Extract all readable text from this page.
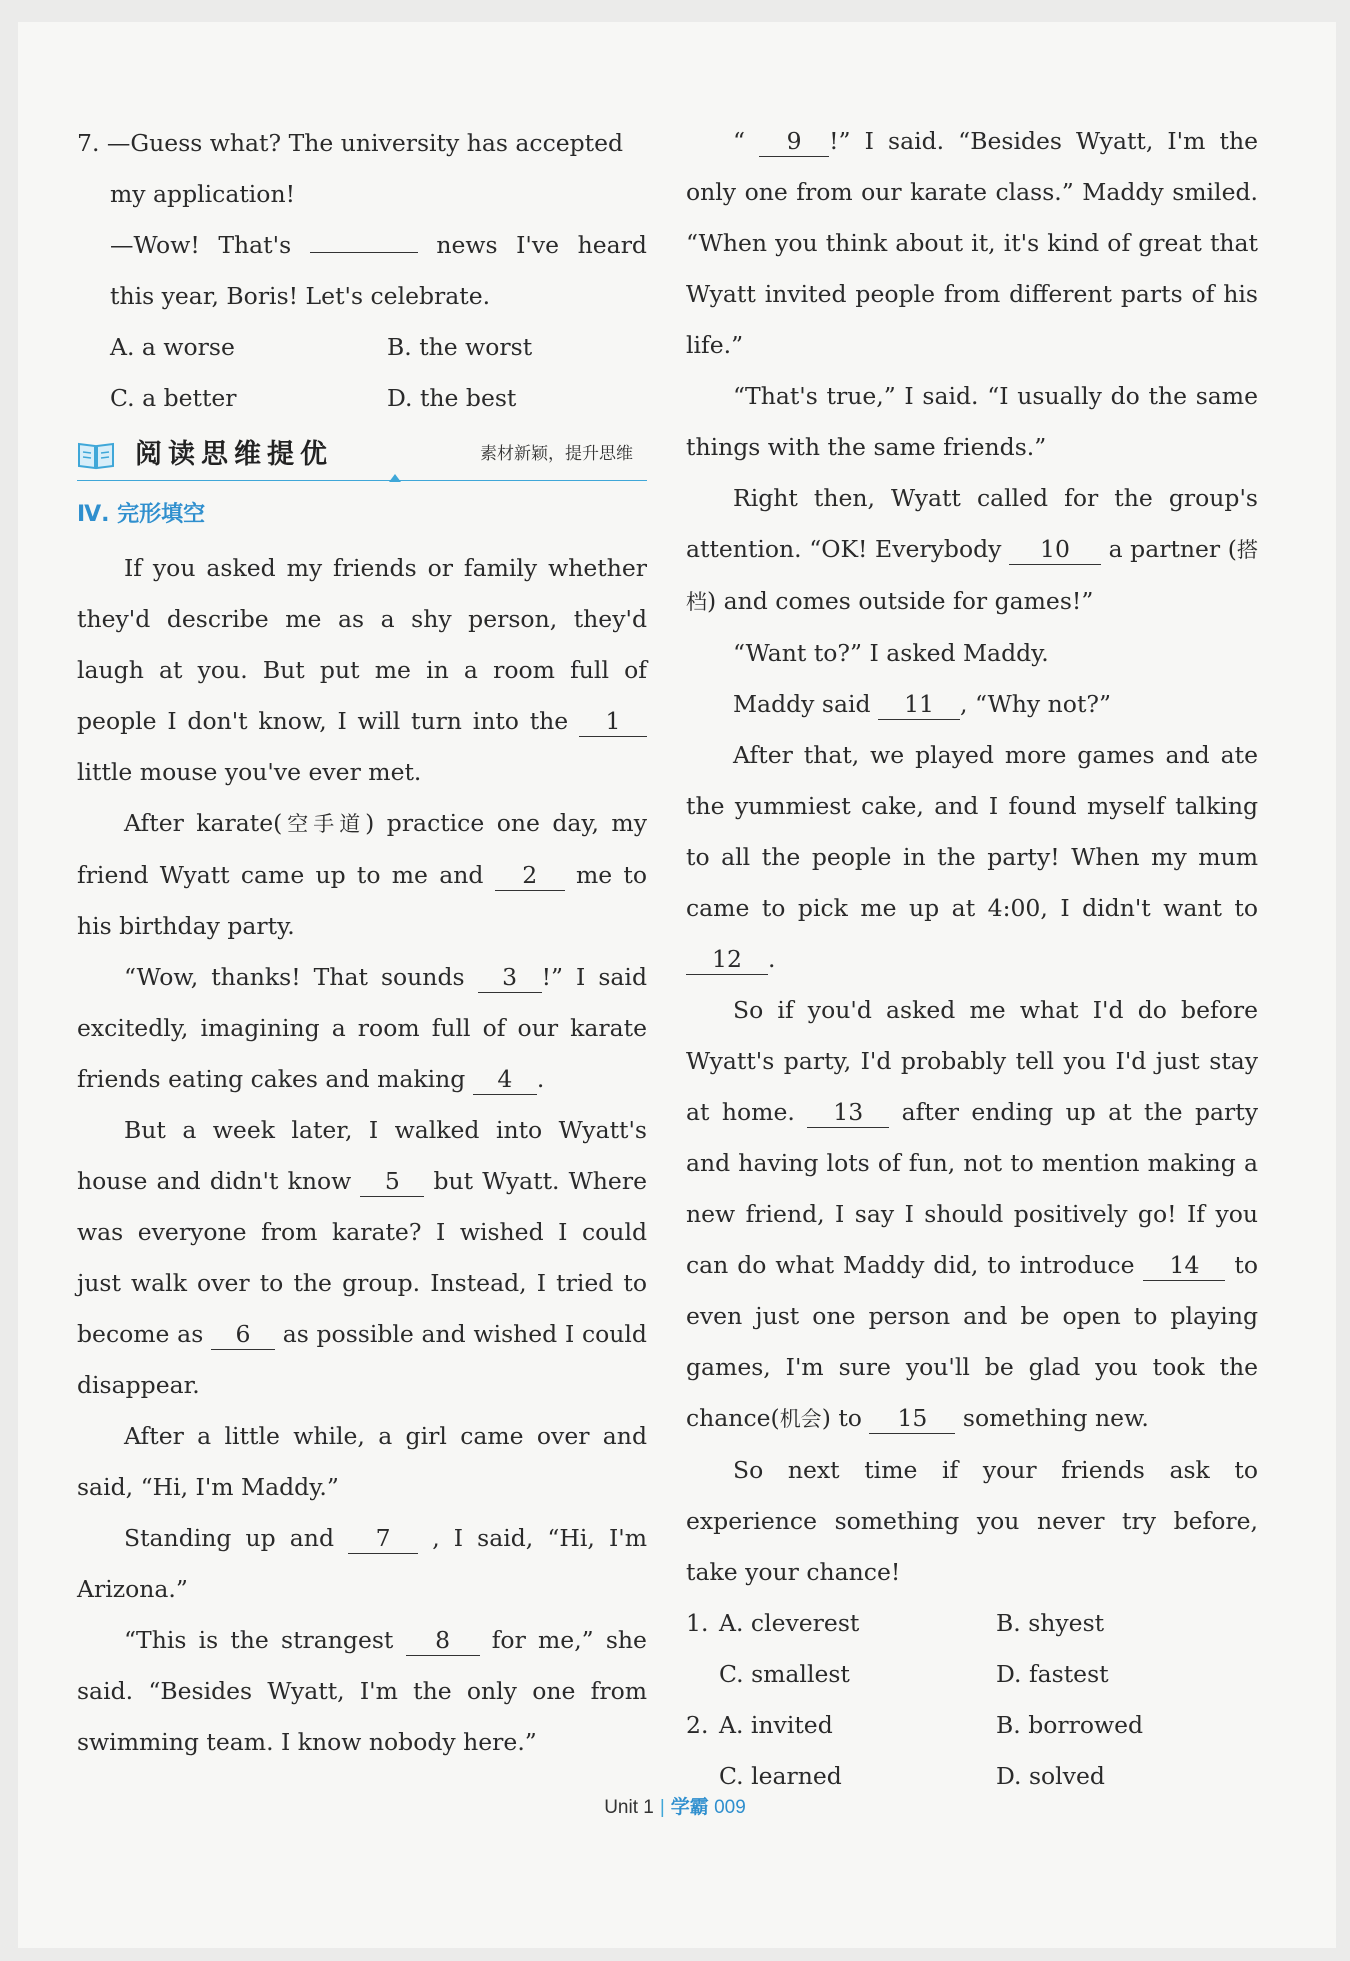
7. —Guess what? The university has accepted

my application!

—Wow! That's	news I've heard

this year, Boris! Let's celebrate.

A. a worse	B. the worst
C. a better	D. the best
阅读思维提优	素材新颖，提升思维
Ⅳ. 完形填空

If you asked my friends or family whether they'd describe me as a shy person, they'd laugh at you. But put me in a room full of people I don't know, I will turn into the 1 little mouse you've ever met.

After karate(空手道) practice one day, my friend Wyatt came up to me and 2 me to his birthday party.

“Wow, thanks! That sounds 3 !” I said excitedly, imagining a room full of our karate friends eating cakes and making 4 .

But a week later, I walked into Wyatt's house and didn't know 5 but Wyatt. Where was everyone from karate? I wished I could just walk over to the group. Instead, I tried to become as 6 as possible and wished I could disappear.

After a little while, a girl came over and said, “Hi, I'm Maddy.”

Standing up and 7 , I said, “Hi, I'm Arizona.”

“This is the strangest 8 for me,” she said. “Besides Wyatt, I'm the only one from swimming team. I know nobody here.”

“ 9 !” I said. “Besides Wyatt, I'm the only one from our karate class.” Maddy smiled. “When you think about it, it's kind of great that Wyatt invited people from different parts of his life.”

“That's true,” I said. “I usually do the same things with the same friends.”

Right then, Wyatt called for the group's attention. “OK! Everybody 10 a partner (搭档) and comes outside for games!”

“Want to?” I asked Maddy.

Maddy said 11 , “Why not?”

After that, we played more games and ate the yummiest cake, and I found myself talking to all the people in the party! When my mum came to pick me up at 4:00, I didn't want to 12 .

So if you'd asked me what I'd do before Wyatt's party, I'd probably tell you I'd just stay at home. 13 after ending up at the party and having lots of fun, not to mention making a new friend, I say I should positively go! If you can do what Maddy did, to introduce 14 to even just one person and be open to playing games, I'm sure you'll be glad you took the chance(机会) to 15 something new.

So next time if your friends ask to experience something you never try before, take your chance!

1. A. cleverest	B. shyest
C. smallest	D. fastest
2. A. invited	B. borrowed
C. learned	D. solved
Unit 1 | 学霸 009
